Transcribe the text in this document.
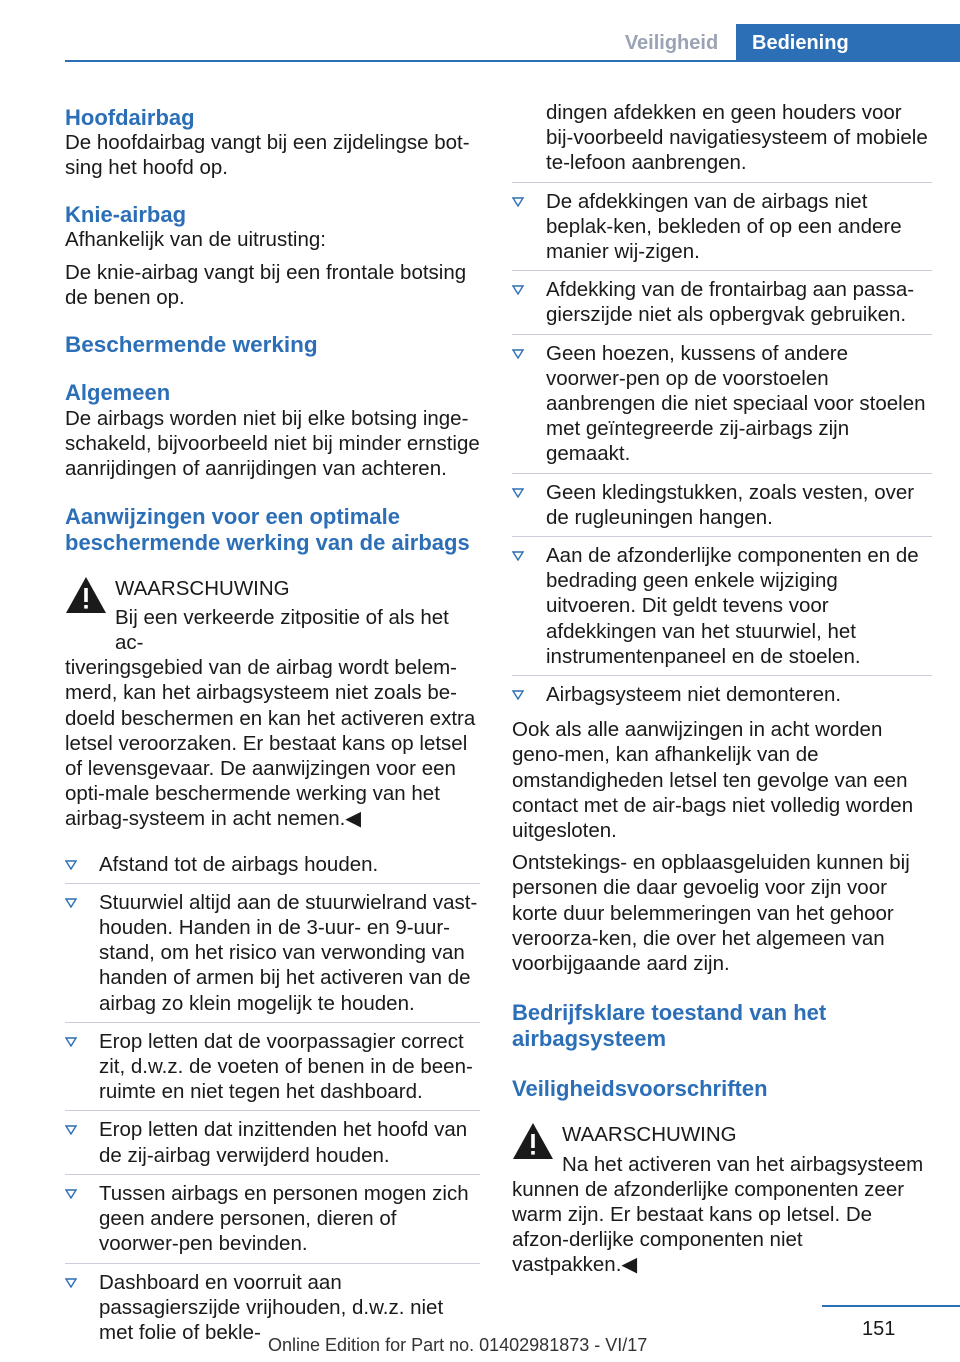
Veiligheid	Bediening
Hoofdairbag

De hoofdairbag vangt bij een zijdelingse bot-sing het hoofd op.

Knie-airbag

Afhankelijk van de uitrusting:

De knie-airbag vangt bij een frontale botsing de benen op.

Beschermende werking
Algemeen

De airbags worden niet bij elke botsing inge-schakeld, bijvoorbeeld niet bij minder ernstige aanrijdingen of aanrijdingen van achteren.

Aanwijzingen voor een optimale beschermende werking van de airbags

WAARSCHUWING

Bij een verkeerde zitpositie of als het ac-

tiveringsgebied van de airbag wordt belem-merd, kan het airbagsysteem niet zoals be-doeld beschermen en kan het activeren extra letsel veroorzaken. Er bestaat kans op letsel of levensgevaar. De aanwijzingen voor een opti-male beschermende werking van het airbag-systeem in acht nemen.◀

Afstand tot de airbags houden.
Stuurwiel altijd aan de stuurwielrand vast-houden. Handen in de 3-uur- en 9-uur-stand, om het risico van verwonding van handen of armen bij het activeren van de airbag zo klein mogelijk te houden.
Erop letten dat de voorpassagier correct zit, d.w.z. de voeten of benen in de been-ruimte en niet tegen het dashboard.
Erop letten dat inzittenden het hoofd van de zij-airbag verwijderd houden.
Tussen airbags en personen mogen zich geen andere personen, dieren of voorwer-pen bevinden.
Dashboard en voorruit aan passagierszijde vrijhouden, d.w.z. niet met folie of bekle-

dingen afdekken en geen houders voor bij-voorbeeld navigatiesysteem of mobiele te-lefoon aanbrengen.

De afdekkingen van de airbags niet beplak-ken, bekleden of op een andere manier wij-zigen.
Afdekking van de frontairbag aan passa-gierszijde niet als opbergvak gebruiken.
Geen hoezen, kussens of andere voorwer-pen op de voorstoelen aanbrengen die niet speciaal voor stoelen met geïntegreerde zij-airbags zijn gemaakt.
Geen kledingstukken, zoals vesten, over de rugleuningen hangen.
Aan de afzonderlijke componenten en de bedrading geen enkele wijziging uitvoeren. Dit geldt tevens voor afdekkingen van het stuurwiel, het instrumentenpaneel en de stoelen.
Airbagsysteem niet demonteren.

Ook als alle aanwijzingen in acht worden geno-men, kan afhankelijk van de omstandigheden letsel ten gevolge van een contact met de air-bags niet volledig worden uitgesloten.

Ontstekings- en opblaasgeluiden kunnen bij personen die daar gevoelig voor zijn voor korte duur belemmeringen van het gehoor veroorza-ken, die over het algemeen van voorbijgaande aard zijn.

Bedrijfsklare toestand van het airbagsysteem
Veiligheidsvoorschriften

WAARSCHUWING

Na het activeren van het airbagsysteem

kunnen de afzonderlijke componenten zeer warm zijn. Er bestaat kans op letsel. De afzon-derlijke componenten niet vastpakken.◀

151
Online Edition for Part no. 01402981873 - VI/17
